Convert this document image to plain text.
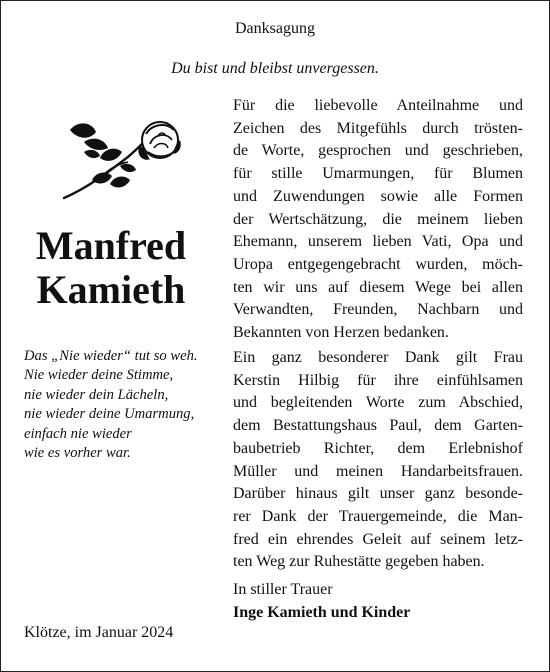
Danksagung
Du bist und bleibst unvergessen.
Manfred
Kamieth
Das „Nie wieder“ tut so weh.
Nie wieder deine Stimme,
nie wieder dein Lächeln,
nie wieder deine Umarmung,
einfach nie wieder
wie es vorher war.
Für die liebevolle Anteilnahme und
Zeichen des Mitgefühls durch trösten-
de Worte, gesprochen und geschrieben,
für stille Umarmungen, für Blumen
und Zuwendungen sowie alle Formen
der Wertschätzung, die meinem lieben
Ehemann, unserem lieben Vati, Opa und
Uropa entgegengebracht wurden, möch-
ten wir uns auf diesem Wege bei allen
Verwandten, Freunden, Nachbarn und
Bekannten von Herzen bedanken.
Ein ganz besonderer Dank gilt Frau
Kerstin Hilbig für ihre einfühlsamen
und begleitenden Worte zum Abschied,
dem Bestattungshaus Paul, dem Garten-
baubetrieb Richter, dem Erlebnishof
Müller und meinen Handarbeitsfrauen.
Darüber hinaus gilt unser ganz besonde-
rer Dank der Trauergemeinde, die Man-
fred ein ehrendes Geleit auf seinem letz-
ten Weg zur Ruhestätte gegeben haben.
In stiller Trauer
Inge Kamieth und Kinder
Klötze, im Januar 2024
